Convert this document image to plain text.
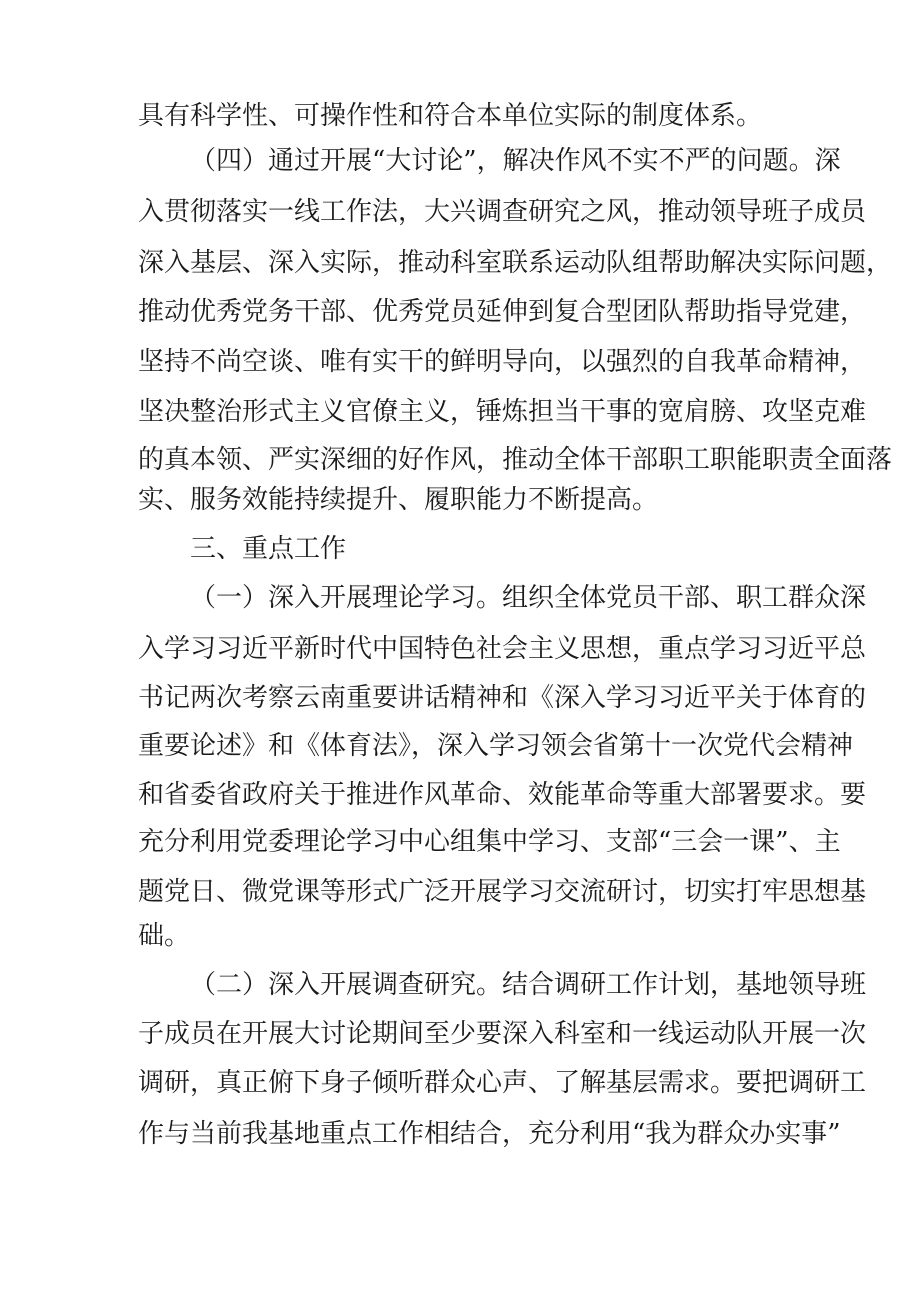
具有科学性、可操作性和符合本单位实际的制度体系。
（四）通过开展“大讨论”，解决作风不实不严的问题。深
入贯彻落实一线工作法，大兴调查研究之风，推动领导班子成员
深入基层、深入实际，推动科室联系运动队组帮助解决实际问题，
推动优秀党务干部、优秀党员延伸到复合型团队帮助指导党建，
坚持不尚空谈、唯有实干的鲜明导向，以强烈的自我革命精神，
坚决整治形式主义官僚主义，锤炼担当干事的宽肩膀、攻坚克难
的真本领、严实深细的好作风，推动全体干部职工职能职责全面落
实、服务效能持续提升、履职能力不断提高。
三、重点工作
（一）深入开展理论学习。组织全体党员干部、职工群众深
入学习习近平新时代中国特色社会主义思想，重点学习习近平总
书记两次考察云南重要讲话精神和《深入学习习近平关于体育的
重要论述》和《体育法》，深入学习领会省第十一次党代会精神
和省委省政府关于推进作风革命、效能革命等重大部署要求。要
充分利用党委理论学习中心组集中学习、支部“三会一课”、主
题党日、微党课等形式广泛开展学习交流研讨，切实打牢思想基
础。
（二）深入开展调查研究。结合调研工作计划，基地领导班
子成员在开展大讨论期间至少要深入科室和一线运动队开展一次
调研，真正俯下身子倾听群众心声、了解基层需求。要把调研工
作与当前我基地重点工作相结合，充分利用“我为群众办实事”
